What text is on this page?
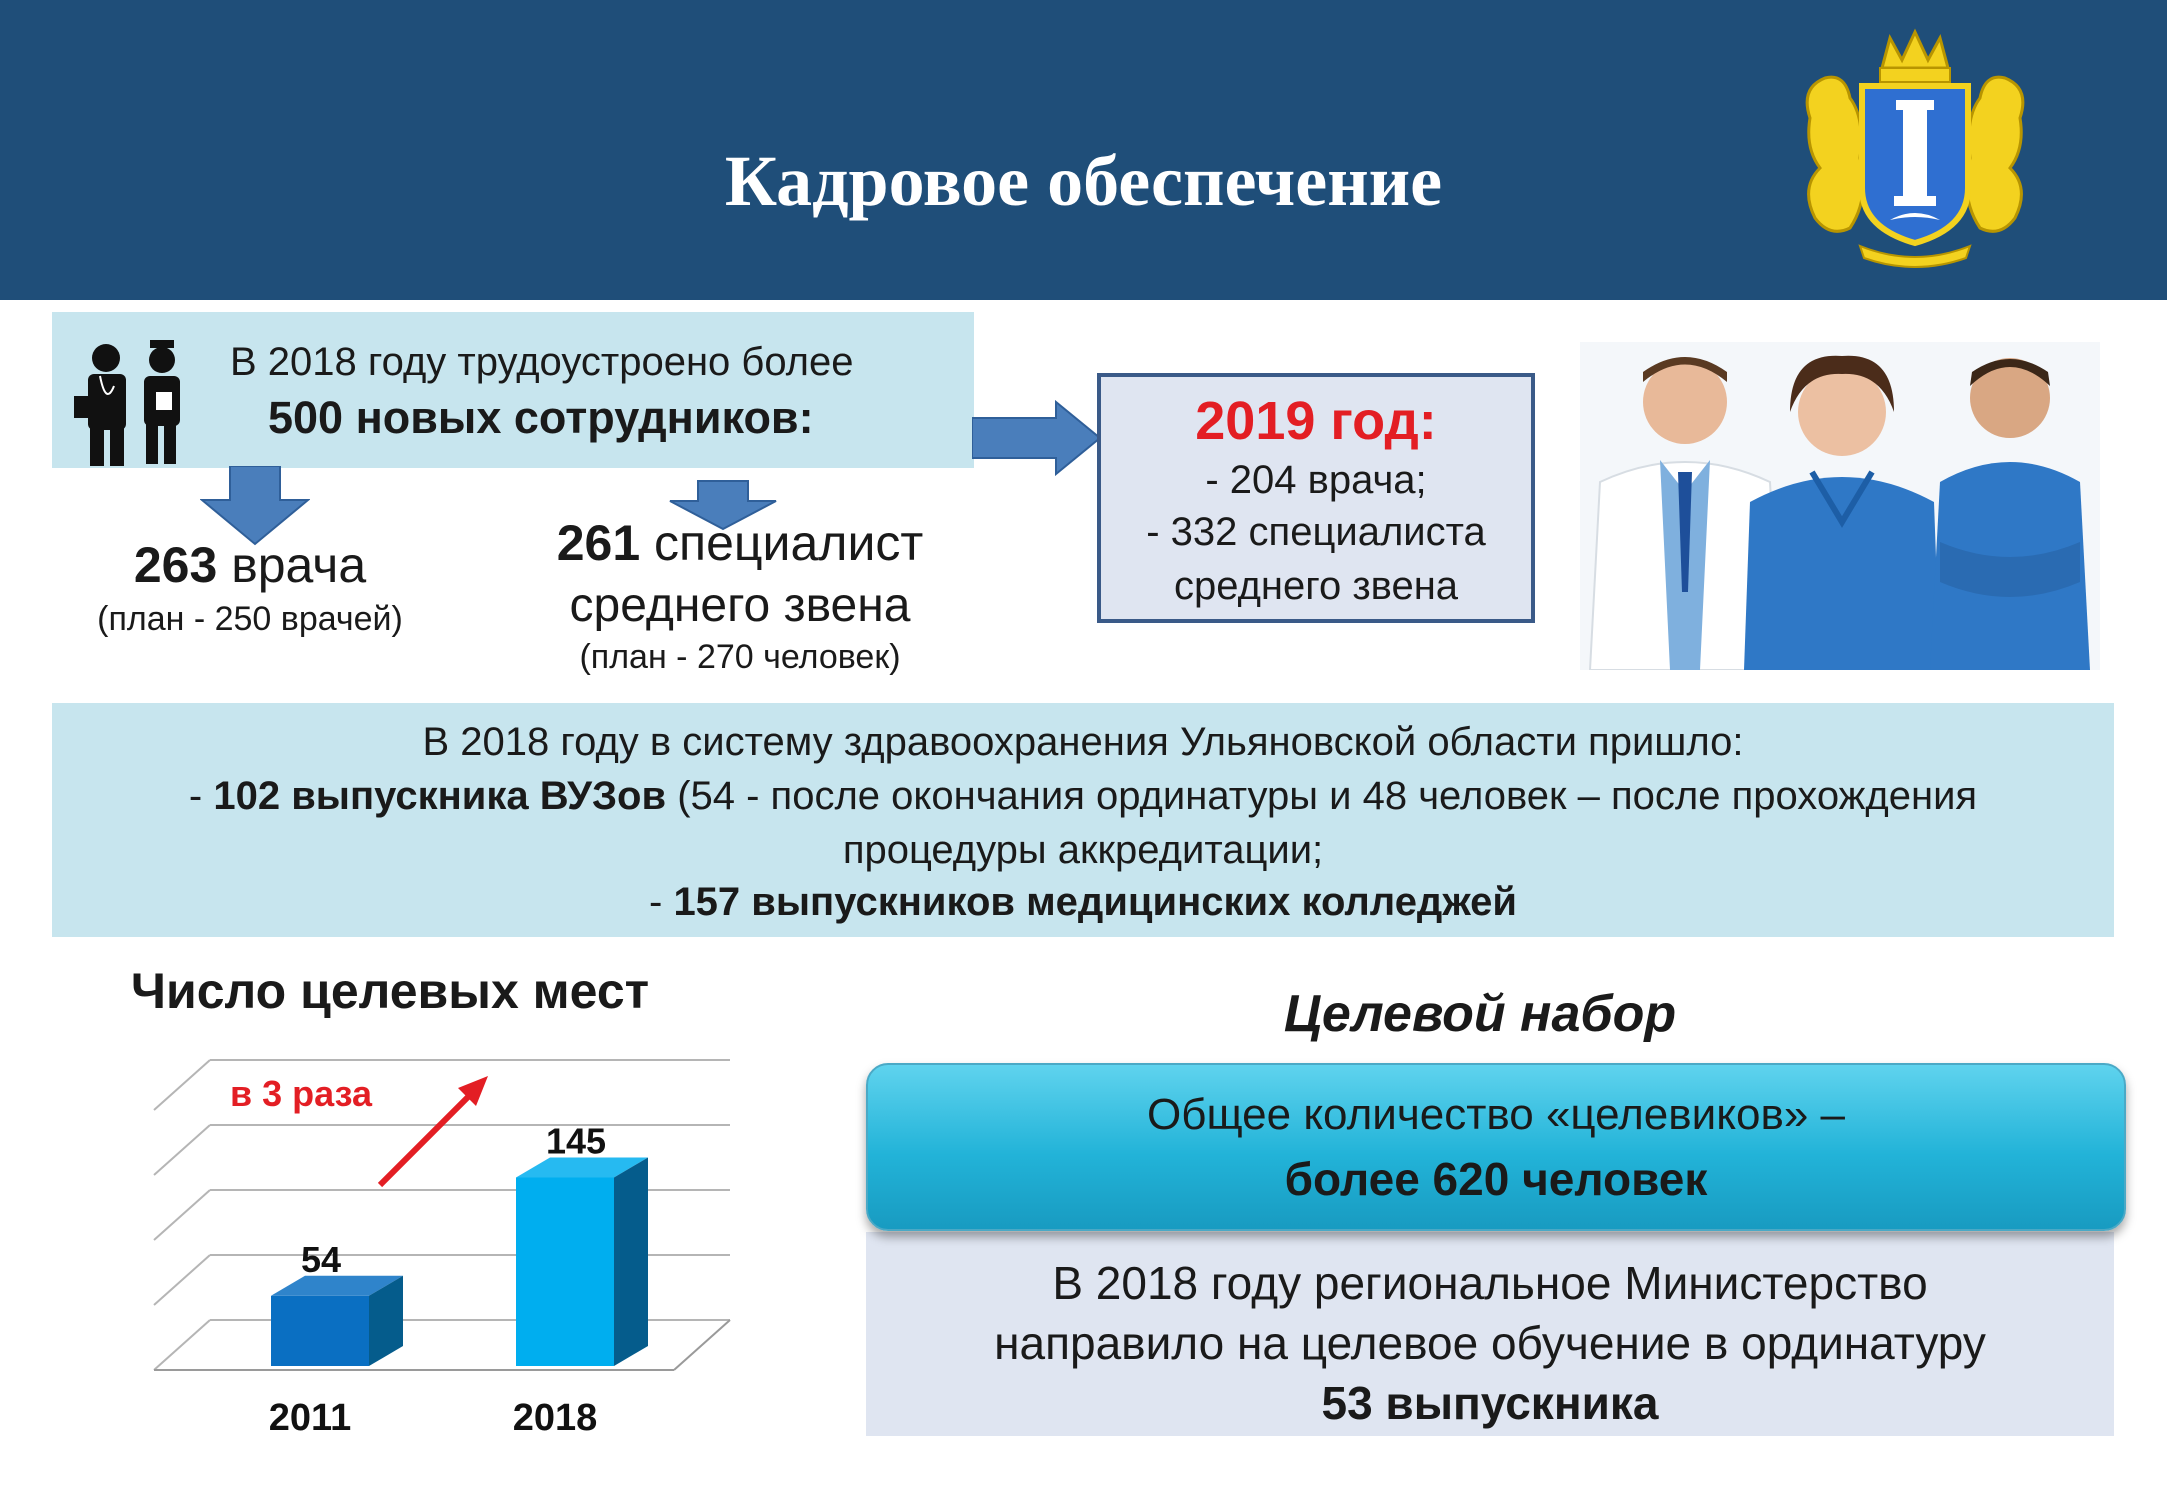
Кадровое обеспечение
В 2018 году трудоустроено более
500 новых сотрудников:
263 врача
(план - 250 врачей)
261 специалист
среднего звена
(план - 270 человек)
2019 год:
- 204 врача;
- 332 специалиста
среднего звена
В 2018 году в систему здравоохранения Ульяновской области пришло:
- 102 выпускника ВУЗов (54 - после окончания ординатуры и 48 человек – после прохождения
процедуры аккредитации;
- 157 выпускников медицинских колледжей
Число целевых мест
54
2011
145
2018
в 3 раза
Целевой набор
Общее количество «целевиков» –
более 620 человек
В 2018 году региональное Министерство
направило на целевое обучение в ординатуру
53 выпускника
